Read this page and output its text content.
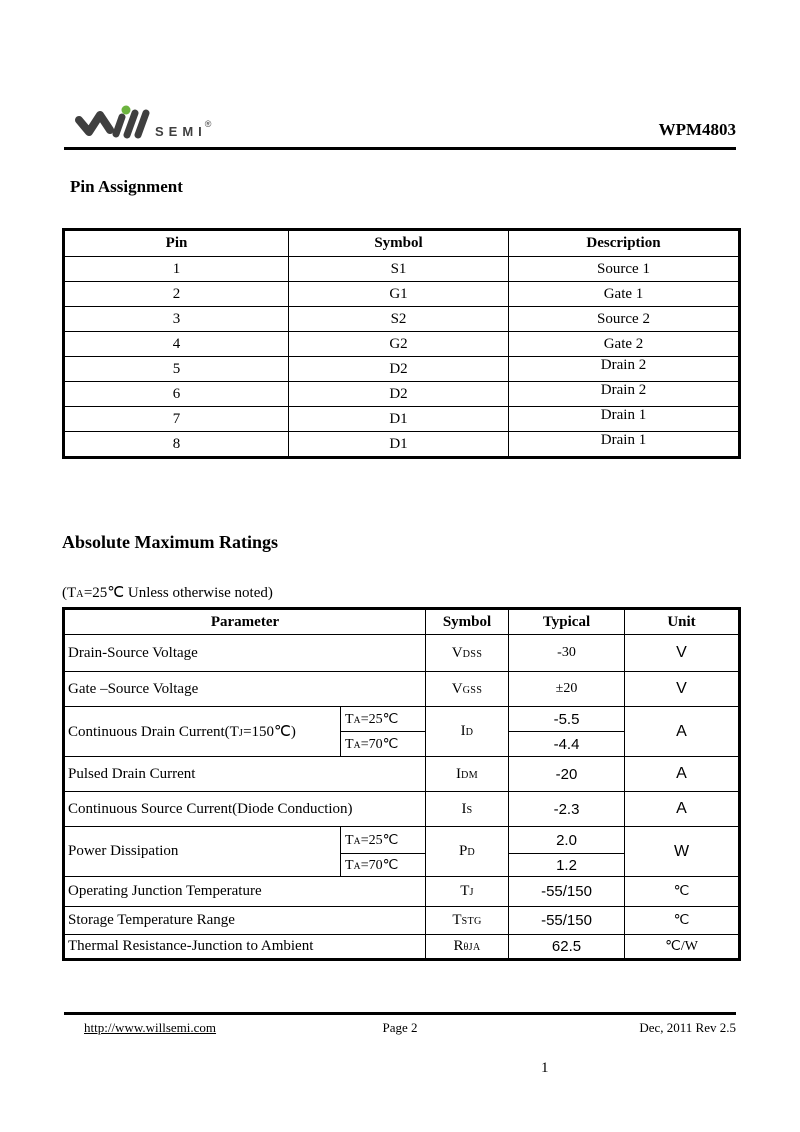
SEMI
®	WPM4803
Pin Assignment
Pin	Symbol	Description
1	S1	Source 1
2	G1	Gate 1
3	S2	Source 2
4	G2	Gate 2
5	D2	Drain 2
6	D2	Drain 2
7	D1	Drain 1
8	D1	Drain 1
Absolute Maximum Ratings
(TA=25℃ Unless otherwise noted)
Parameter		Symbol	Typical	Unit
Drain-Source Voltage		VDSS	-30	V
Gate –Source Voltage		VGSS	±20	V
Continuous Drain Current(TJ=150℃)	TA=25℃	ID	-5.5	A
	TA=70℃		-4.4	
Pulsed Drain Current		IDM	-20	A
Continuous Source Current(Diode Conduction)		IS	-2.3	A
Power Dissipation	TA=25℃	PD	2.0	W
	TA=70℃		1.2	
Operating Junction Temperature		TJ	-55/150	℃
Storage Temperature Range		TSTG	-55/150	℃
Thermal Resistance-Junction to Ambient		RθJA	62.5	℃/W
http://www.willsemi.com	Page 2	Dec, 2011 Rev 2.5
1
